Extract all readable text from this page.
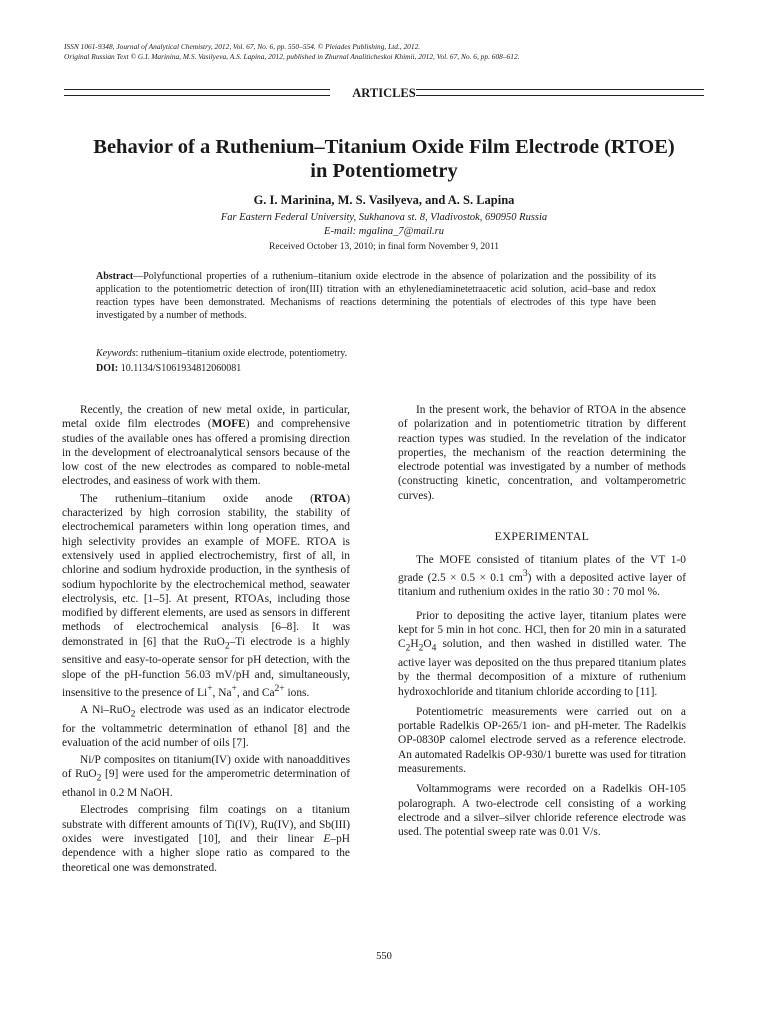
ISSN 1061-9348, Journal of Analytical Chemistry, 2012, Vol. 67, No. 6, pp. 550–554. © Pleiades Publishing, Ltd., 2012.
Original Russian Text © G.I. Marinina, M.S. Vasilyeva, A.S. Lapina, 2012, published in Zhurnal Analiticheskoi Khimii, 2012, Vol. 67, No. 6, pp. 608–612.
ARTICLES
Behavior of a Ruthenium–Titanium Oxide Film Electrode (RTOE)
in Potentiometry
G. I. Marinina, M. S. Vasilyeva, and A. S. Lapina
Far Eastern Federal University, Sukhanova st. 8, Vladivostok, 690950 Russia
E-mail: mgalina_7@mail.ru
Received October 13, 2010; in final form November 9, 2011
Abstract—Polyfunctional properties of a ruthenium–titanium oxide electrode in the absence of polarization and the possibility of its application to the potentiometric detection of iron(III) titration with an ethylenediaminetetraacetic acid solution, acid–base and redox reaction types have been demonstrated. Mechanisms of reactions determining the potentials of electrodes of this type have been investigated by a number of methods.
Keywords: ruthenium–titanium oxide electrode, potentiometry.
DOI: 10.1134/S1061934812060081

Recently, the creation of new metal oxide, in particular, metal oxide film electrodes (MOFE) and comprehensive studies of the available ones has offered a promising direction in the development of electroanalytical sensors because of the low cost of the new electrodes as compared to noble-metal electrodes, and easiness of work with them.

The ruthenium–titanium oxide anode (RTOA) characterized by high corrosion stability, the stability of electrochemical parameters within long operation times, and high selectivity provides an example of MOFE. RTOA is extensively used in applied electrochemistry, first of all, in chlorine and sodium hydroxide production, in the synthesis of sodium hypochlorite by the electrochemical method, seawater electrolysis, etc. [1–5]. At present, RTOAs, including those modified by different elements, are used as sensors in different methods of electrochemical analysis [6–8]. It was demonstrated in [6] that the RuO$_2$–Ti electrode is a highly sensitive and easy-to-operate sensor for pH detection, with the slope of the pH-function 56.03 mV/pH and, simultaneously, insensitive to the presence of Li+, Na+, and $Ca^{2+}$ ions.

A Ni–RuO$_2$ electrode was used as an indicator electrode for the voltammetric determination of ethanol [8] and the evaluation of the acid number of oils [7].

Ni/P composites on titanium(IV) oxide with nanoadditives of RuO$_2$ [9] were used for the amperometric determination of ethanol in 0.2 M NaOH.

Electrodes comprising film coatings on a titanium substrate with different amounts of Ti(IV), Ru(IV), and Sb(III) oxides were investigated [10], and their linear E–pH dependence with a higher slope ratio as compared to the theoretical one was demonstrated.

In the present work, the behavior of RTOA in the absence of polarization and in potentiometric titration by different reaction types was studied. In the revelation of the indicator properties, the mechanism of the reaction determining the electrode potential was investigated by a number of methods (constructing kinetic, concentration, and voltamperometric curves).

EXPERIMENTAL

The MOFE consisted of titanium plates of the VT 1-0 grade (2.5 × 0.5 × 0.1 $cm^3$) with a deposited active layer of titanium and ruthenium oxides in the ratio 30 : 70 mol %.

Prior to depositing the active layer, titanium plates were kept for 5 min in hot conc. HCl, then for 20 min in a saturated $C_2H_2O_4$ solution, and then washed in distilled water. The active layer was deposited on the thus prepared titanium plates by the thermal decomposition of a mixture of ruthenium hydroxochloride and titanium chloride according to [11].

Potentiometric measurements were carried out on a portable Radelkis OP-265/1 ion- and pH-meter. The Radelkis OP-0830P calomel electrode served as a reference electrode. An automated Radelkis OP-930/1 burette was used for titration measurements.

Voltammograms were recorded on a Radelkis OH-105 polarograph. A two-electrode cell consisting of a working electrode and a silver–silver chloride reference electrode was used. The potential sweep rate was 0.01 V/s.

550
